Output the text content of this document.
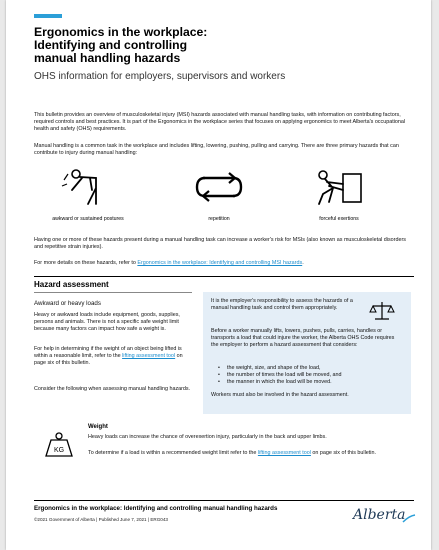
Ergonomics in the workplace:
Identifying and controlling
manual handling hazards
OHS information for employers, supervisors and workers
This bulletin provides an overview of musculoskeletal injury (MSI) hazards associated with manual handling tasks, with information on contributing factors, required controls and best practices. It is part of the Ergonomics in the workplace series that focuses on applying ergonomics to meet Alberta's occupational health and safety (OHS) requirements.
Manual handling is a common task in the workplace and includes lifting, lowering, pushing, pulling and carrying. There are three primary hazards that can contribute to injury during manual handling:
awkward or sustained postures	repetition	forceful exertions
Having one or more of these hazards present during a manual handling task can increase a worker's risk for MSIs (also known as musculoskeletal disorders and repetitive strain injuries).
For more details on these hazards, refer to Ergonomics in the workplace: Identifying and controlling MSI hazards.
Hazard assessment
Awkward or heavy loads
Heavy or awkward loads include equipment, goods, supplies, persons and animals. There is not a specific safe weight limit because many factors can impact how safe a weight is.
For help in determining if the weight of an object being lifted is within a reasonable limit, refer to the lifting assessment tool on page six of this bulletin.
Consider the following when assessing manual handling hazards.
It is the employer's responsibility to assess the hazards of a manual handling task and control them appropriately.
Before a worker manually lifts, lowers, pushes, pulls, carries, handles or transports a load that could injure the worker, the Alberta OHS Code requires the employer to perform a hazard assessment that considers:
•	the weight, size, and shape of the load,
•	the number of times the load will be moved, and
•	the manner in which the load will be moved.
Workers must also be involved in the hazard assessment.
KG
Weight
Heavy loads can increase the chance of overexertion injury, particularly in the back and upper limbs.
To determine if a load is within a recommended weight limit refer to the lifting assessment tool on page six of this bulletin.
Ergonomics in the workplace: Identifying and controlling manual handling hazards
©2021 Government of Alberta | Published June 7, 2021 | ERG043	Alberta
